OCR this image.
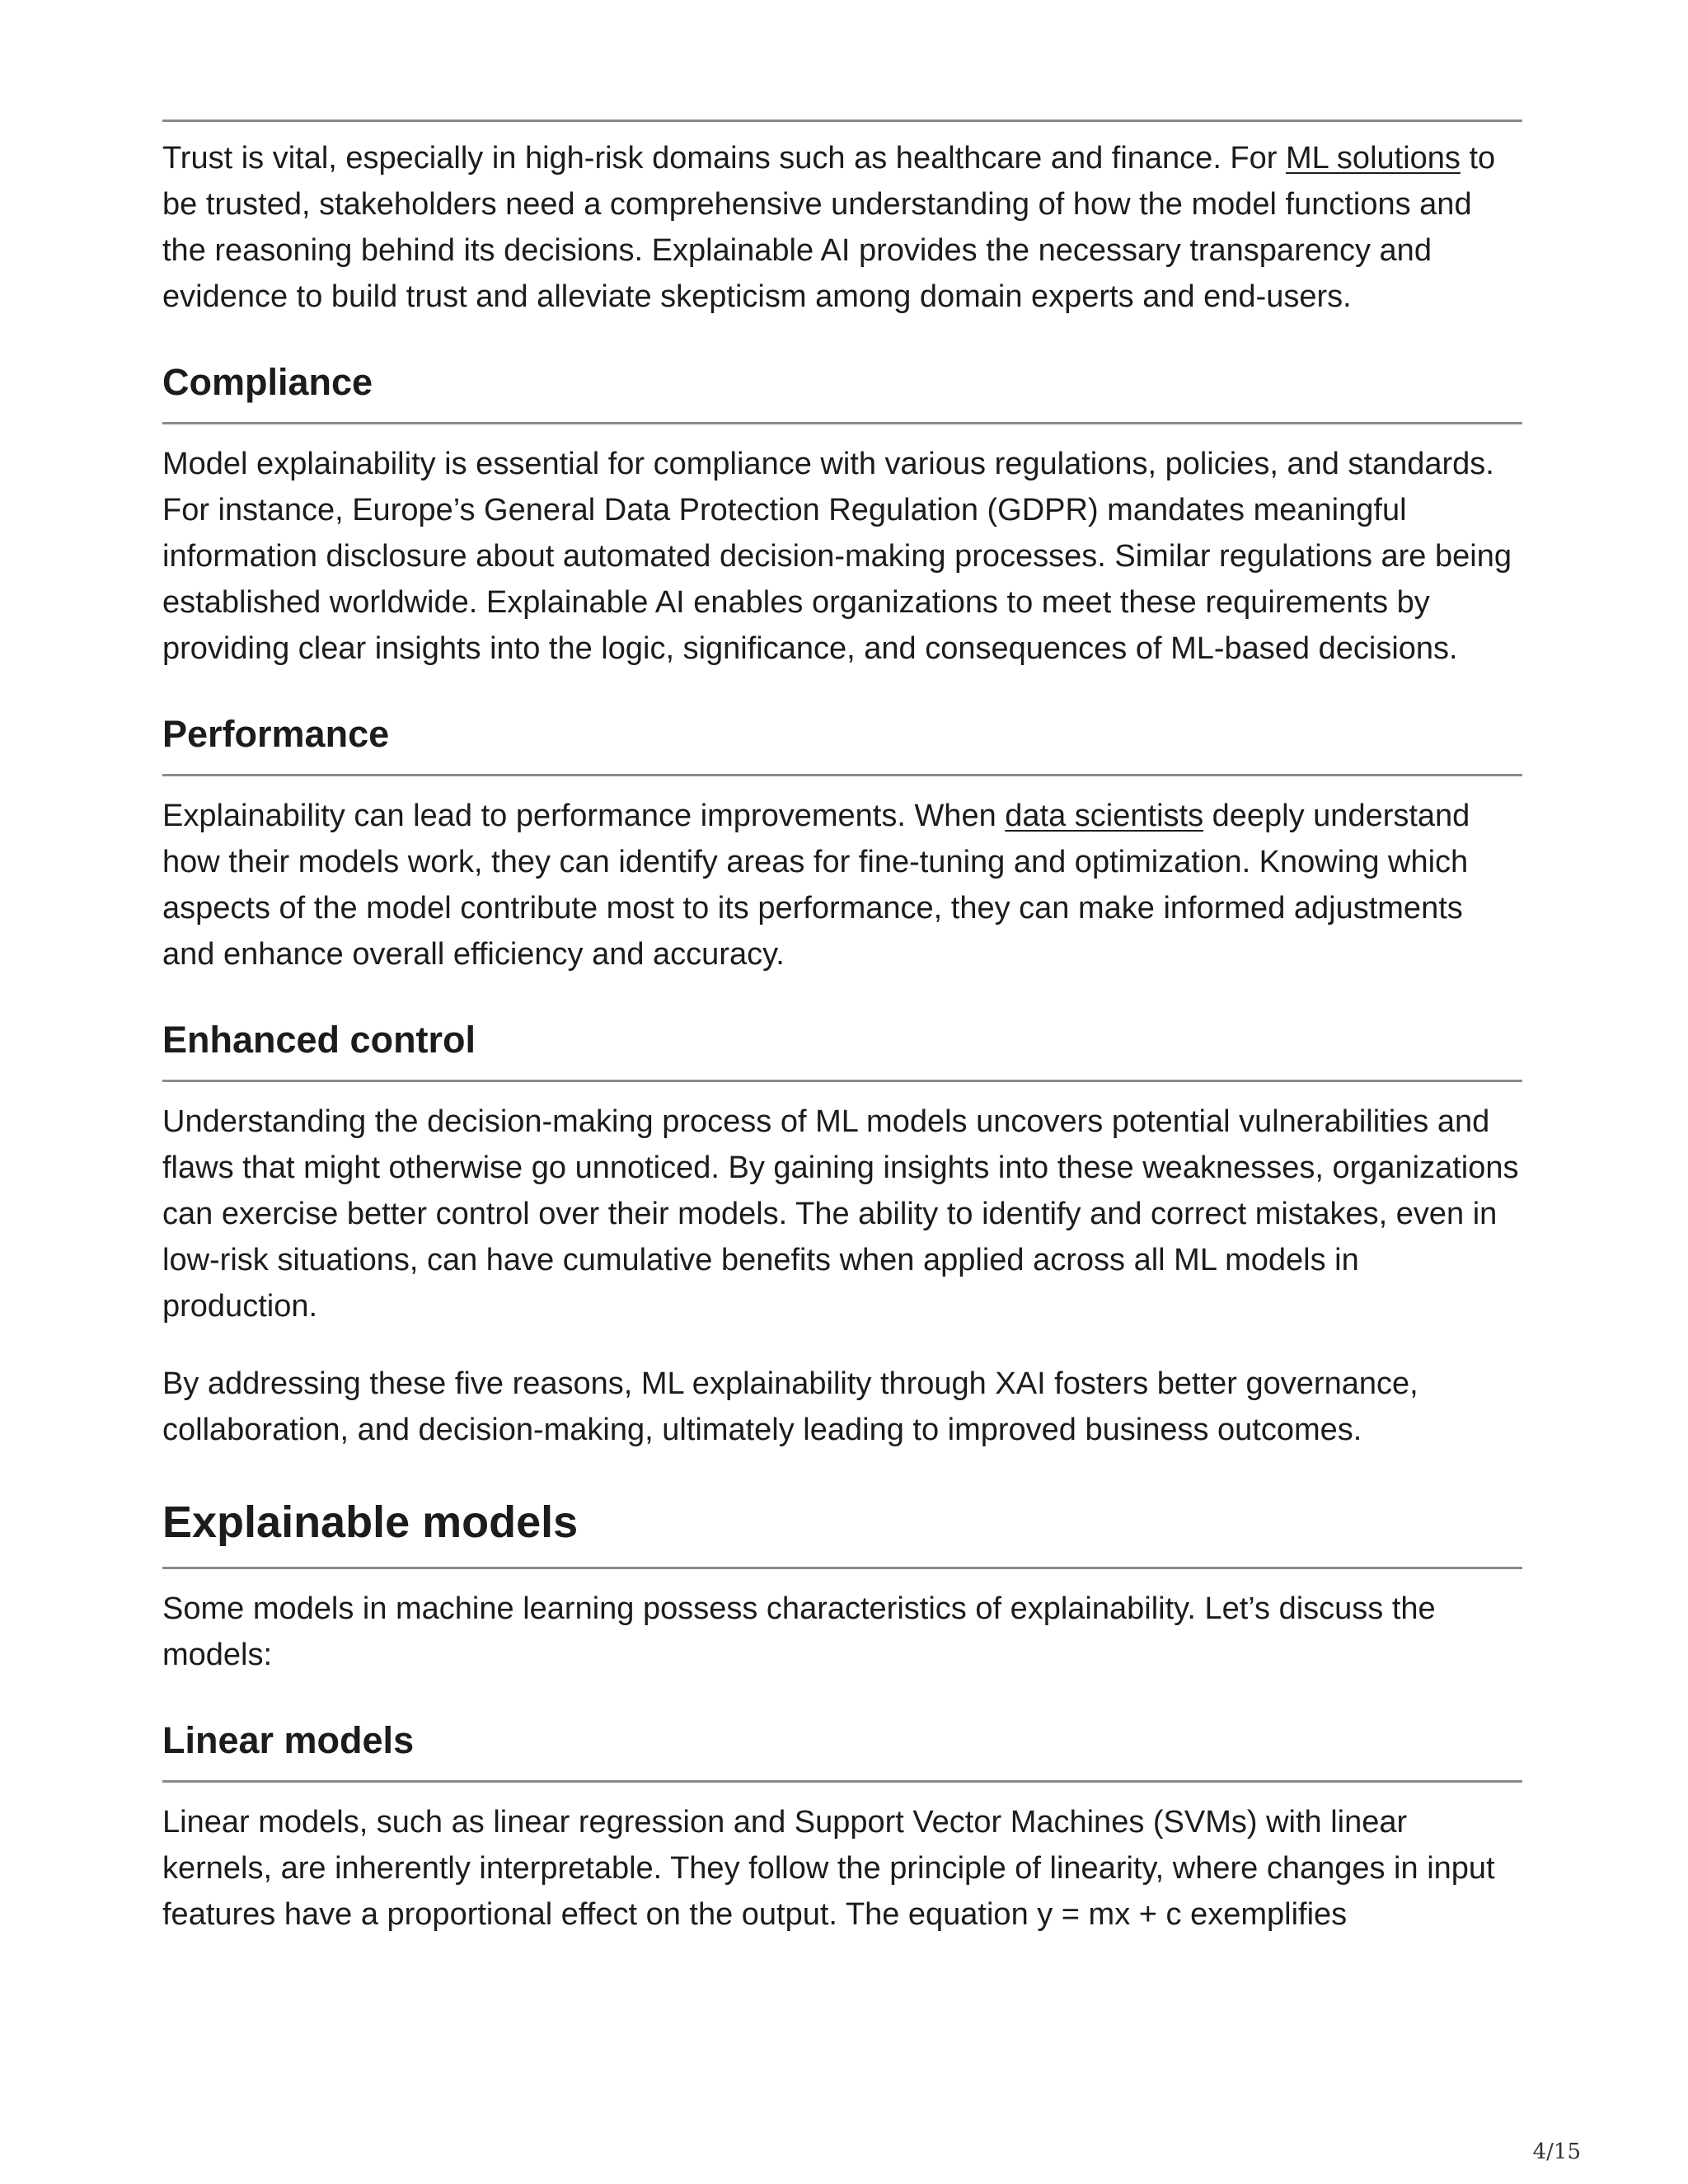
Trust is vital, especially in high-risk domains such as healthcare and finance. For ML solutions to be trusted, stakeholders need a comprehensive understanding of how the model functions and the reasoning behind its decisions. Explainable AI provides the necessary transparency and evidence to build trust and alleviate skepticism among domain experts and end-users.

Compliance

Model explainability is essential for compliance with various regulations, policies, and standards. For instance, Europe’s General Data Protection Regulation (GDPR) mandates meaningful information disclosure about automated decision-making processes. Similar regulations are being established worldwide. Explainable AI enables organizations to meet these requirements by providing clear insights into the logic, significance, and consequences of ML-based decisions.

Performance

Explainability can lead to performance improvements. When data scientists deeply understand how their models work, they can identify areas for fine-tuning and optimization. Knowing which aspects of the model contribute most to its performance, they can make informed adjustments and enhance overall efficiency and accuracy.

Enhanced control

Understanding the decision-making process of ML models uncovers potential vulnerabilities and flaws that might otherwise go unnoticed. By gaining insights into these weaknesses, organizations can exercise better control over their models. The ability to identify and correct mistakes, even in low-risk situations, can have cumulative benefits when applied across all ML models in production.

By addressing these five reasons, ML explainability through XAI fosters better governance, collaboration, and decision-making, ultimately leading to improved business outcomes.

Explainable models

Some models in machine learning possess characteristics of explainability. Let’s discuss the models:

Linear models

Linear models, such as linear regression and Support Vector Machines (SVMs) with linear kernels, are inherently interpretable. They follow the principle of linearity, where changes in input features have a proportional effect on the output. The equation y = mx + c exemplifies

4/15
